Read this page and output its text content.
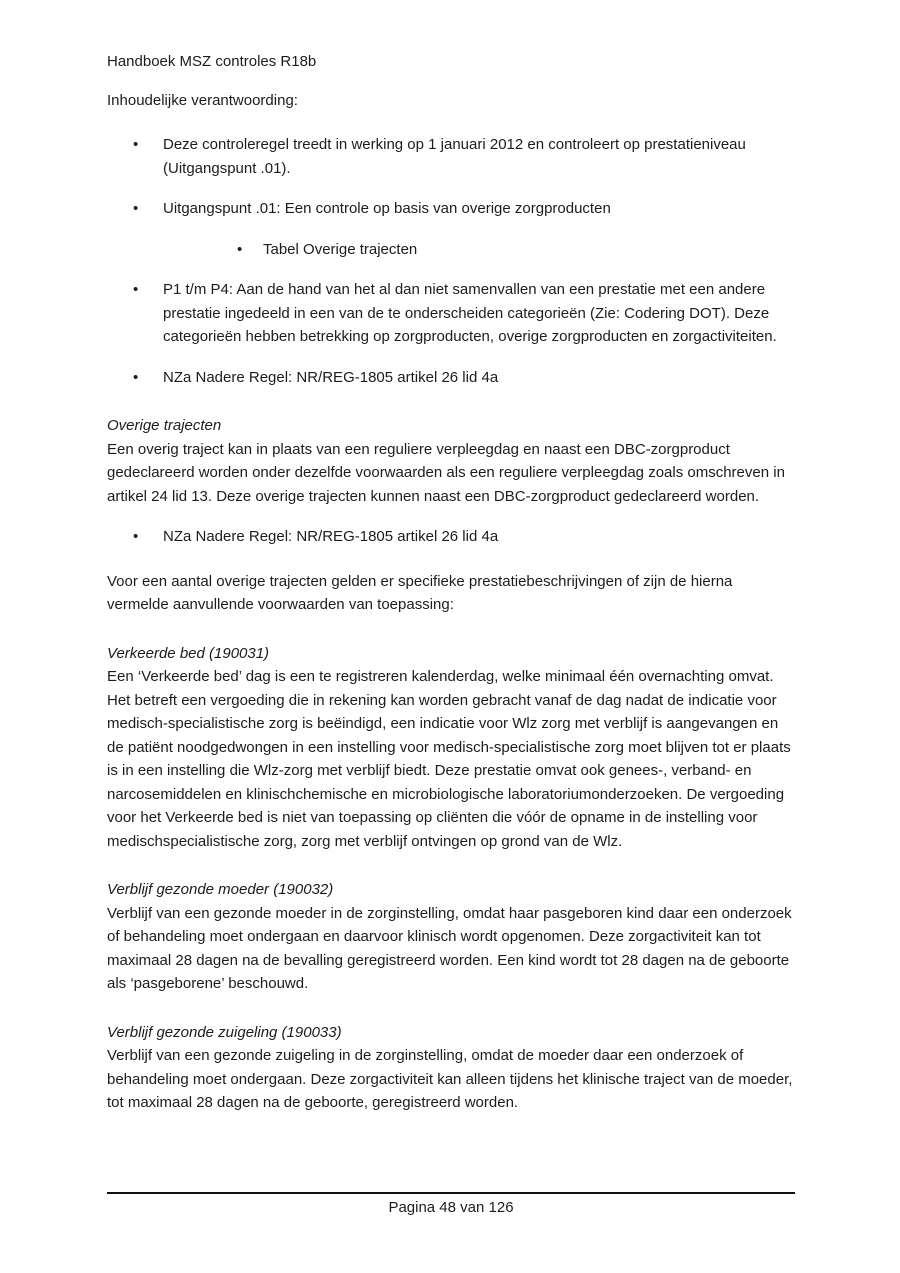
Handboek MSZ controles R18b

Inhoudelijke verantwoording:

Deze controleregel treedt in werking op 1 januari 2012 en controleert op prestatieniveau (Uitgangspunt .01).
Uitgangspunt .01: Een controle op basis van overige zorgproducten
Tabel Overige trajecten
P1 t/m P4: Aan de hand van het al dan niet samenvallen van een prestatie met een andere prestatie ingedeeld in een van de te onderscheiden categorieën (Zie: Codering DOT). Deze categorieën hebben betrekking op zorgproducten, overige zorgproducten en zorgactiviteiten.
NZa Nadere Regel: NR/REG-1805 artikel 26 lid 4a
Overige trajecten

Een overig traject kan in plaats van een reguliere verpleegdag en naast een DBC-zorgproduct gedeclareerd worden onder dezelfde voorwaarden als een reguliere verpleegdag zoals omschreven in artikel 24 lid 13. Deze overige trajecten kunnen naast een DBC-zorgproduct gedeclareerd worden.

NZa Nadere Regel: NR/REG-1805 artikel 26 lid 4a

Voor een aantal overige trajecten gelden er specifieke prestatiebeschrijvingen of zijn de hierna vermelde aanvullende voorwaarden van toepassing:

Verkeerde bed (190031)

Een ‘Verkeerde bed’ dag is een te registreren kalenderdag, welke minimaal één overnachting omvat. Het betreft een vergoeding die in rekening kan worden gebracht vanaf de dag nadat de indicatie voor medisch-specialistische zorg is beëindigd, een indicatie voor Wlz zorg met verblijf is aangevangen en de patiënt noodgedwongen in een instelling voor medisch-specialistische zorg moet blijven tot er plaats is in een instelling die Wlz-zorg met verblijf biedt. Deze prestatie omvat ook genees-, verband- en narcosemiddelen en klinischchemische en microbiologische laboratoriumonderzoeken. De vergoeding voor het Verkeerde bed is niet van toepassing op cliënten die vóór de opname in de instelling voor medischspecialistische zorg, zorg met verblijf ontvingen op grond van de Wlz.

Verblijf gezonde moeder (190032)

Verblijf van een gezonde moeder in de zorginstelling, omdat haar pasgeboren kind daar een onderzoek of behandeling moet ondergaan en daarvoor klinisch wordt opgenomen. Deze zorgactiviteit kan tot maximaal 28 dagen na de bevalling geregistreerd worden. Een kind wordt tot 28 dagen na de geboorte als ‘pasgeborene’ beschouwd.

Verblijf gezonde zuigeling (190033)

Verblijf van een gezonde zuigeling in de zorginstelling, omdat de moeder daar een onderzoek of behandeling moet ondergaan. Deze zorgactiviteit kan alleen tijdens het klinische traject van de moeder, tot maximaal 28 dagen na de geboorte, geregistreerd worden.

Pagina 48 van 126
